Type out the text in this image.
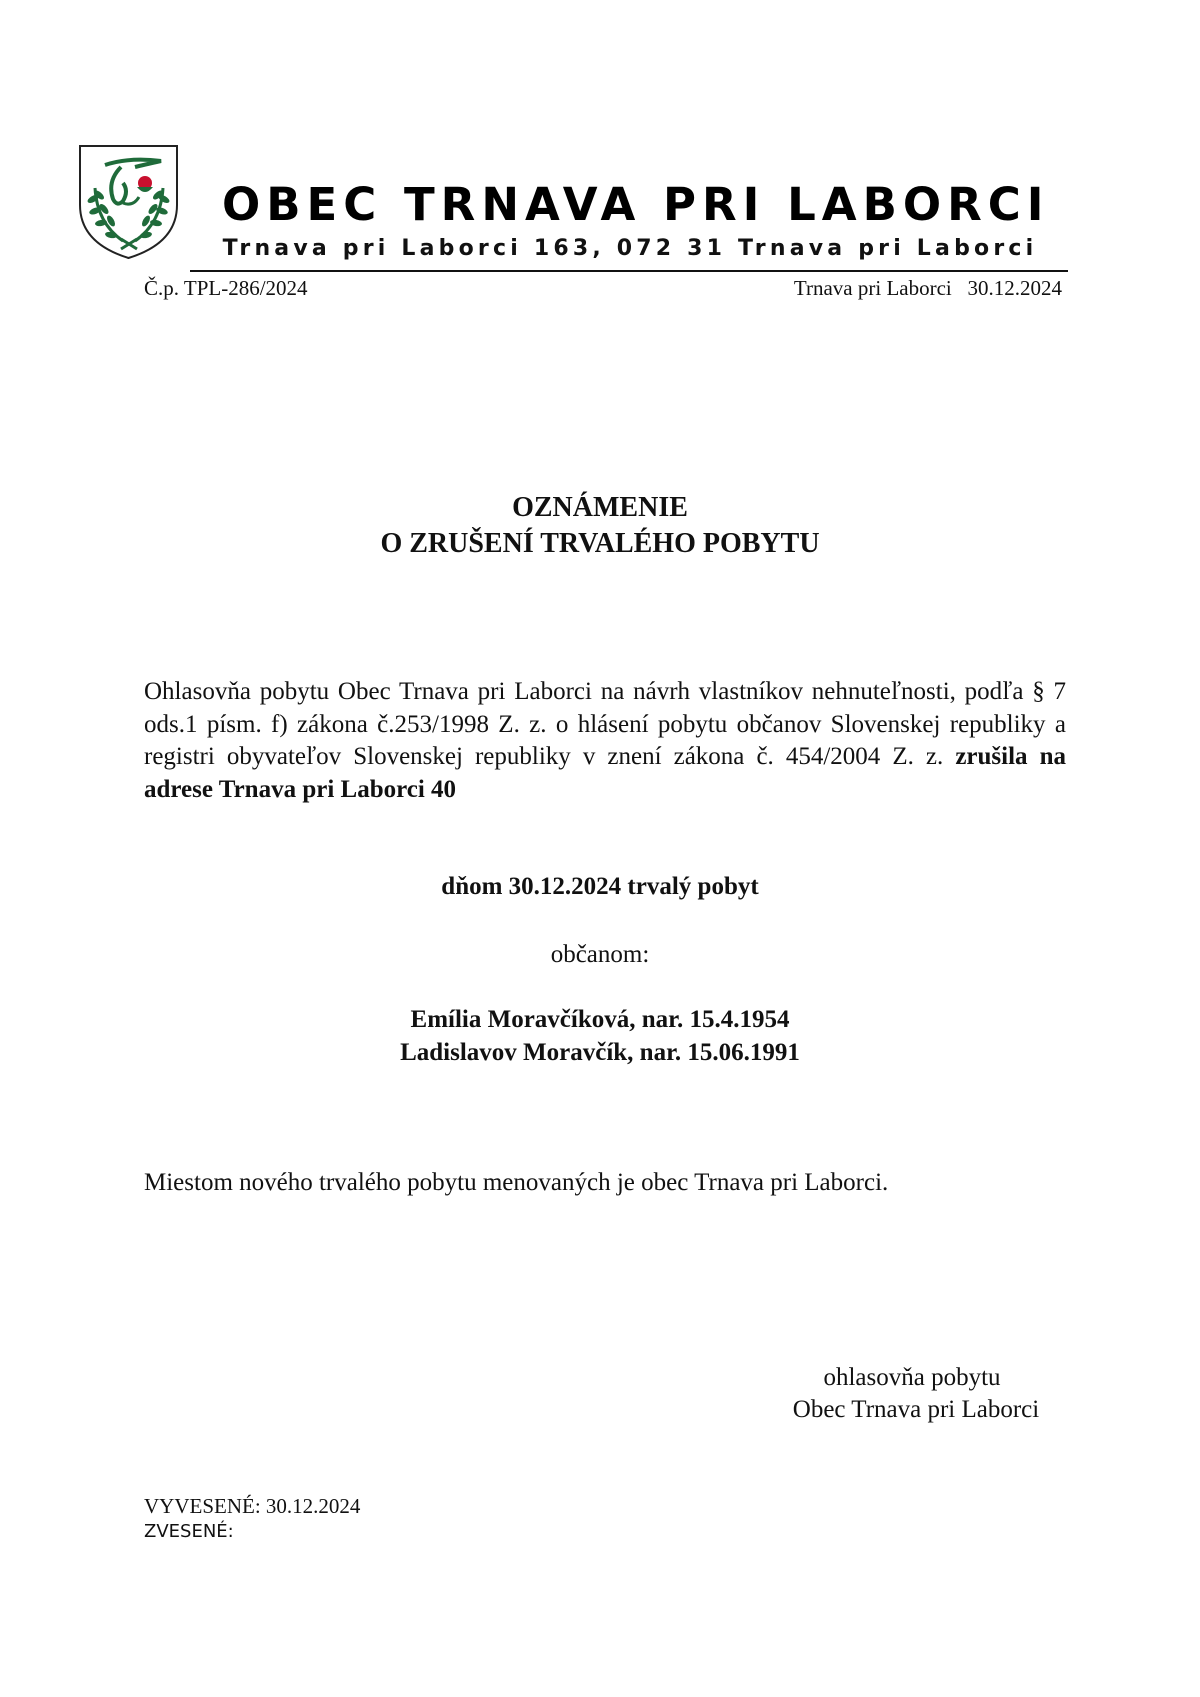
OBEC TRNAVA PRI LABORCI
Trnava pri Laborci 163, 072 31 Trnava pri Laborci
Č.p. TPL-286/2024	Trnava pri Laborci   30.12.2024
OZNÁMENIE
O ZRUŠENÍ TRVALÉHO POBYTU
Ohlasovňa pobytu Obec Trnava pri Laborci na návrh vlastníkov nehnuteľnosti, podľa § 7 ods.1 písm. f) zákona č.253/1998 Z. z. o hlásení pobytu občanov Slovenskej republiky a registri obyvateľov Slovenskej republiky v znení zákona č. 454/2004 Z. z. zrušila na adrese Trnava pri Laborci 40
dňom 30.12.2024 trvalý pobyt
občanom:
Emília Moravčíková, nar. 15.4.1954
Ladislavov Moravčík, nar. 15.06.1991
Miestom nového trvalého pobytu menovaných je obec Trnava pri Laborci.
ohlasovňa pobytu
Obec Trnava pri Laborci
VYVESENÉ: 30.12.2024
ZVESENÉ:
